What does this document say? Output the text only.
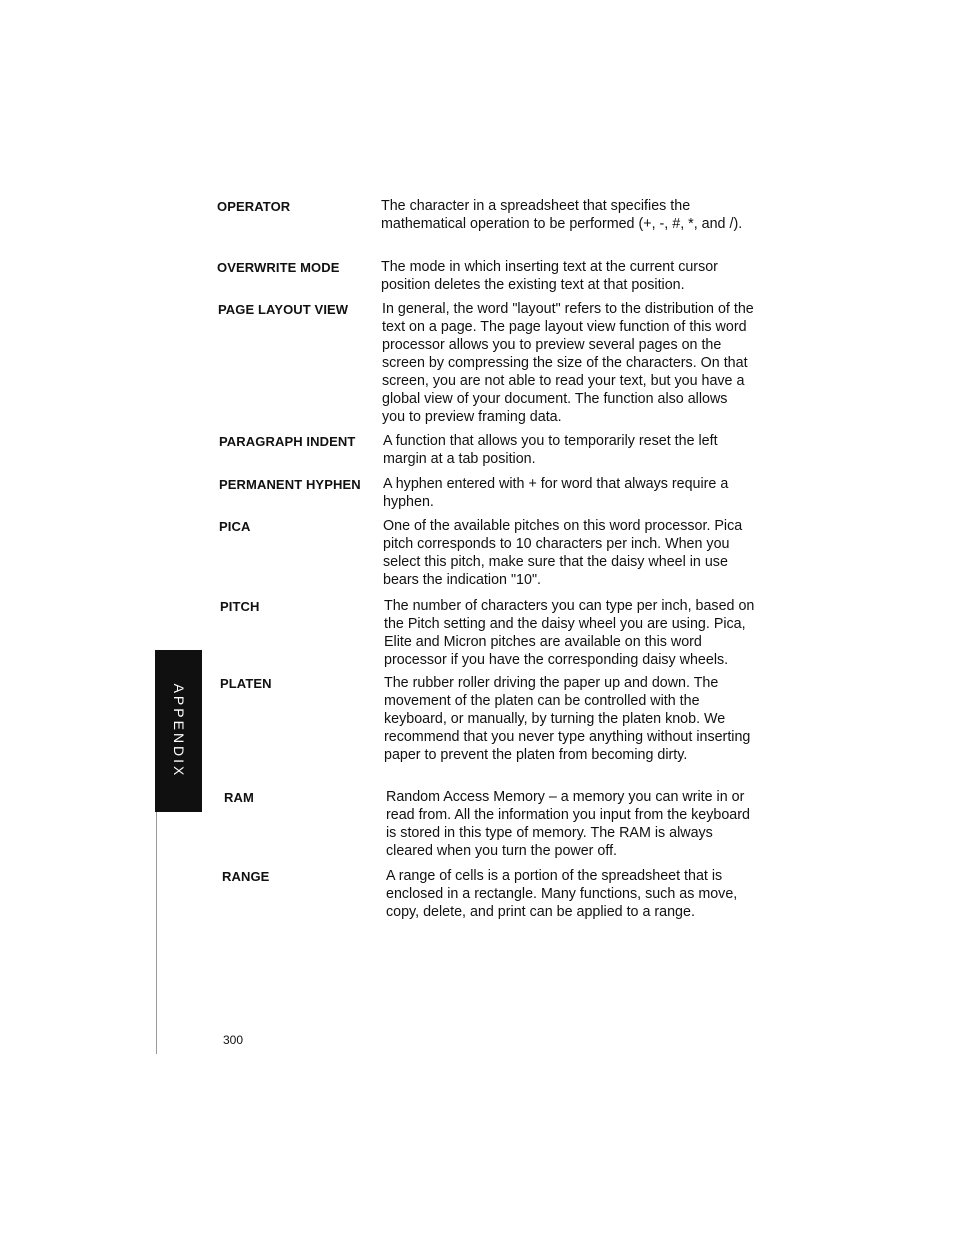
APPENDIX
OPERATOR	The character in a spreadsheet that specifies the mathematical operation to be performed (+, -, #, *, and /).
OVERWRITE MODE	The mode in which inserting text at the current cursor position deletes the existing text at that position.
PAGE LAYOUT VIEW In general, the word "layout" refers to the distribution of the text on a page. The page layout view function of this word processor allows you to preview several pages on the screen by compressing the size of the characters. On that screen, you are not able to read your text, but you have a global view of your document. The function also allows you to preview framing data.
PARAGRAPH INDENT A function that allows you to temporarily reset the left margin at a tab position.
PERMANENT HYPHEN A hyphen entered with + for word that always require a hyphen.
PICA	One of the available pitches on this word processor. Pica pitch corresponds to 10 characters per inch. When you select this pitch, make sure that the daisy wheel in use bears the indication "10".
PITCH	The number of characters you can type per inch, based on the Pitch setting and the daisy wheel you are using. Pica, Elite and Micron pitches are available on this word processor if you have the corresponding daisy wheels.
PLATEN	The rubber roller driving the paper up and down. The movement of the platen can be controlled with the keyboard, or manually, by turning the platen knob. We recommend that you never type anything without inserting paper to prevent the platen from becoming dirty.
RAM	Random Access Memory – a memory you can write in or read from. All the information you input from the keyboard is stored in this type of memory. The RAM is always cleared when you turn the power off.
RANGE	A range of cells is a portion of the spreadsheet that is enclosed in a rectangle. Many functions, such as move, copy, delete, and print can be applied to a range.
300
